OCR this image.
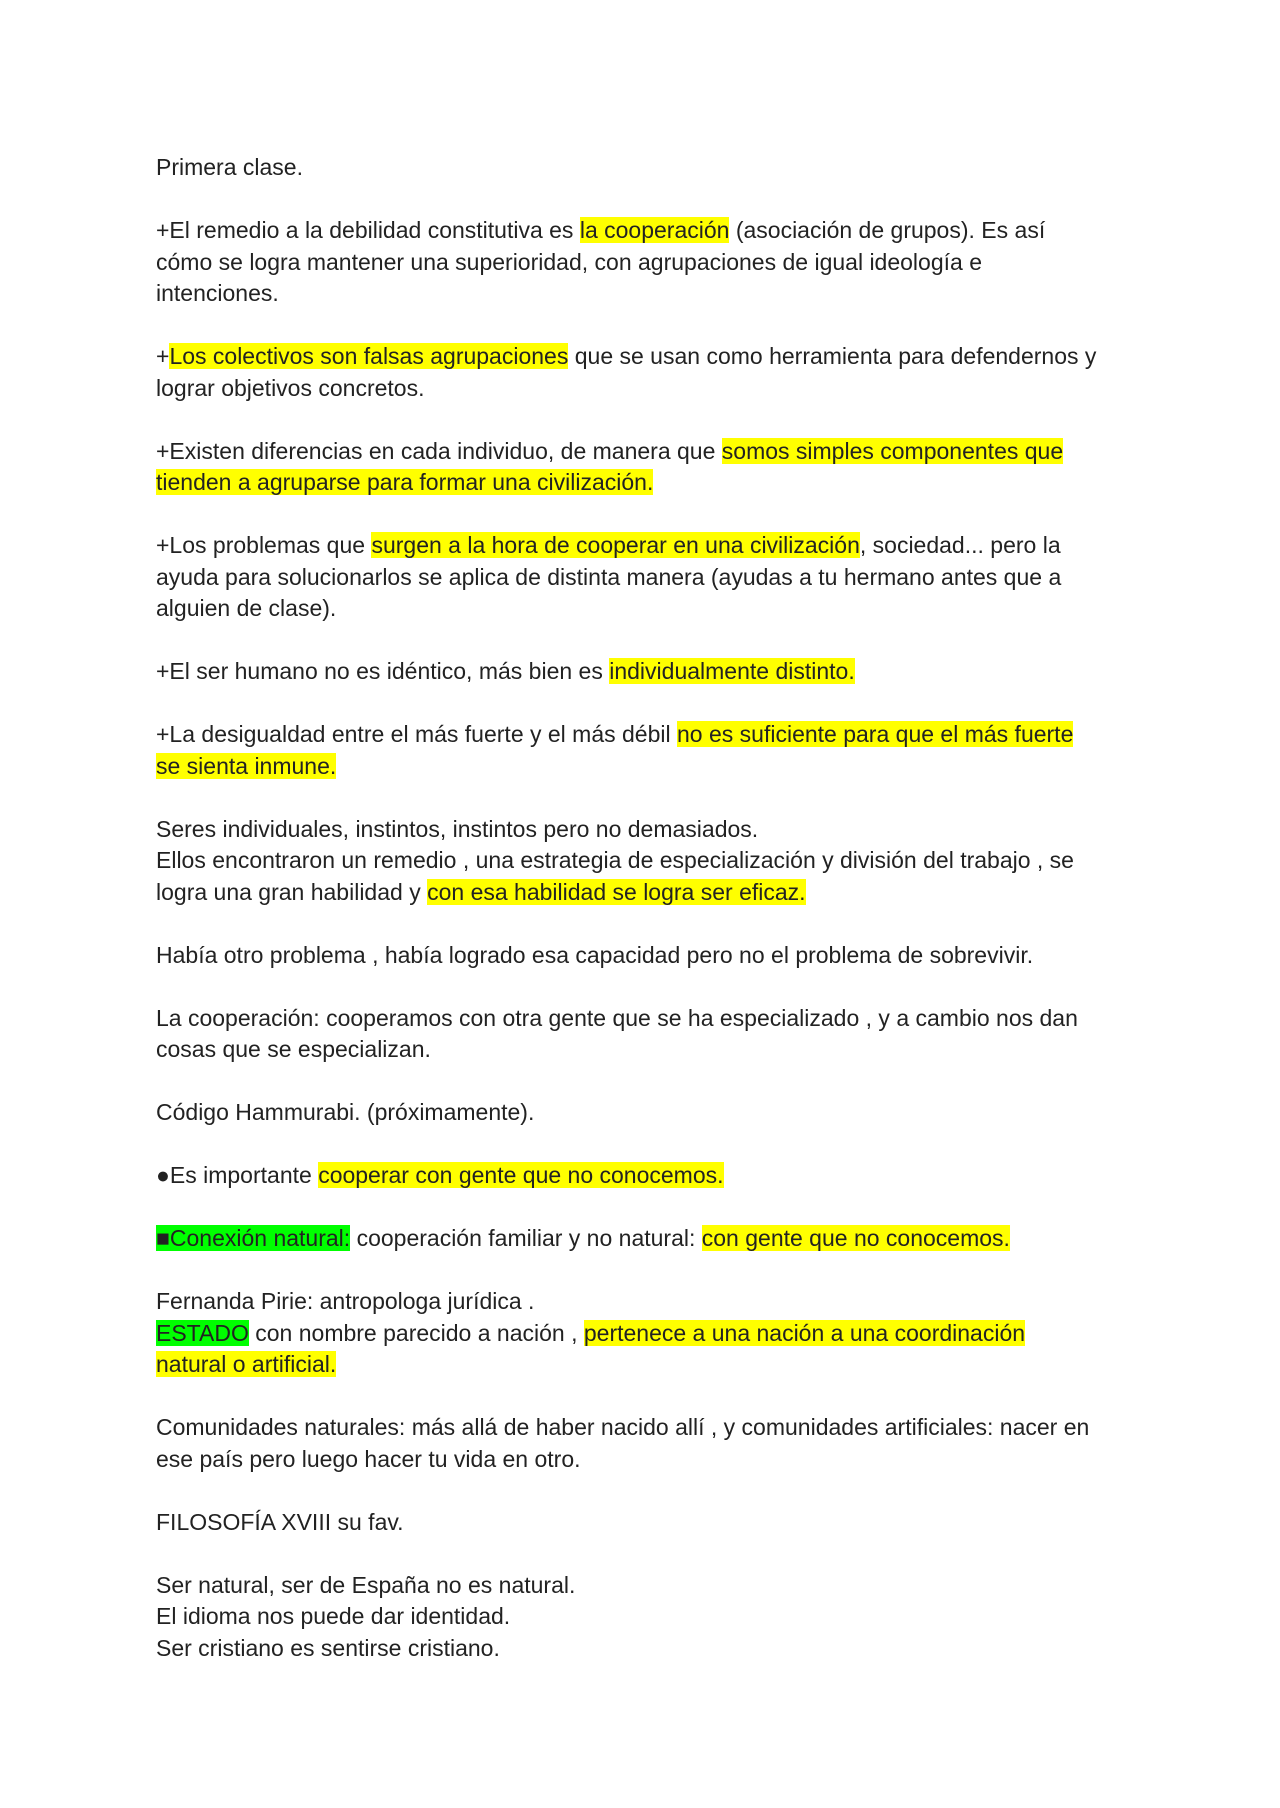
Primera clase.
+El remedio a la debilidad constitutiva es la cooperación (asociación de grupos). Es así
cómo se logra mantener una superioridad, con agrupaciones de igual ideología e
intenciones.
+Los colectivos son falsas agrupaciones que se usan como herramienta para defendernos y
lograr objetivos concretos.
+Existen diferencias en cada individuo, de manera que somos simples componentes que
tienden a agruparse para formar una civilización.
+Los problemas que surgen a la hora de cooperar en una civilización, sociedad... pero la
ayuda para solucionarlos se aplica de distinta manera (ayudas a tu hermano antes que a
alguien de clase).
+El ser humano no es idéntico, más bien es individualmente distinto.
+La desigualdad entre el más fuerte y el más débil no es suficiente para que el más fuerte
se sienta inmune.
Seres individuales, instintos, instintos pero no demasiados.
Ellos encontraron un remedio , una estrategia de especialización y división del trabajo , se
logra una gran habilidad y con esa habilidad se logra ser eficaz.
Había otro problema , había logrado esa capacidad pero no el problema de sobrevivir.
La cooperación: cooperamos con otra gente que se ha especializado , y a cambio nos dan
cosas que se especializan.
Código Hammurabi. (próximamente).
●Es importante cooperar con gente que no conocemos.
■Conexión natural: cooperación familiar y no natural: con gente que no conocemos.
Fernanda Pirie: antropologa jurídica .
ESTADO con nombre parecido a nación , pertenece a una nación a una coordinación
natural o artificial.
Comunidades naturales: más allá de haber nacido allí , y comunidades artificiales: nacer en
ese país pero luego hacer tu vida en otro.
FILOSOFÍA XVIII su fav.
Ser natural, ser de España no es natural.
El idioma nos puede dar identidad.
Ser cristiano es sentirse cristiano.
